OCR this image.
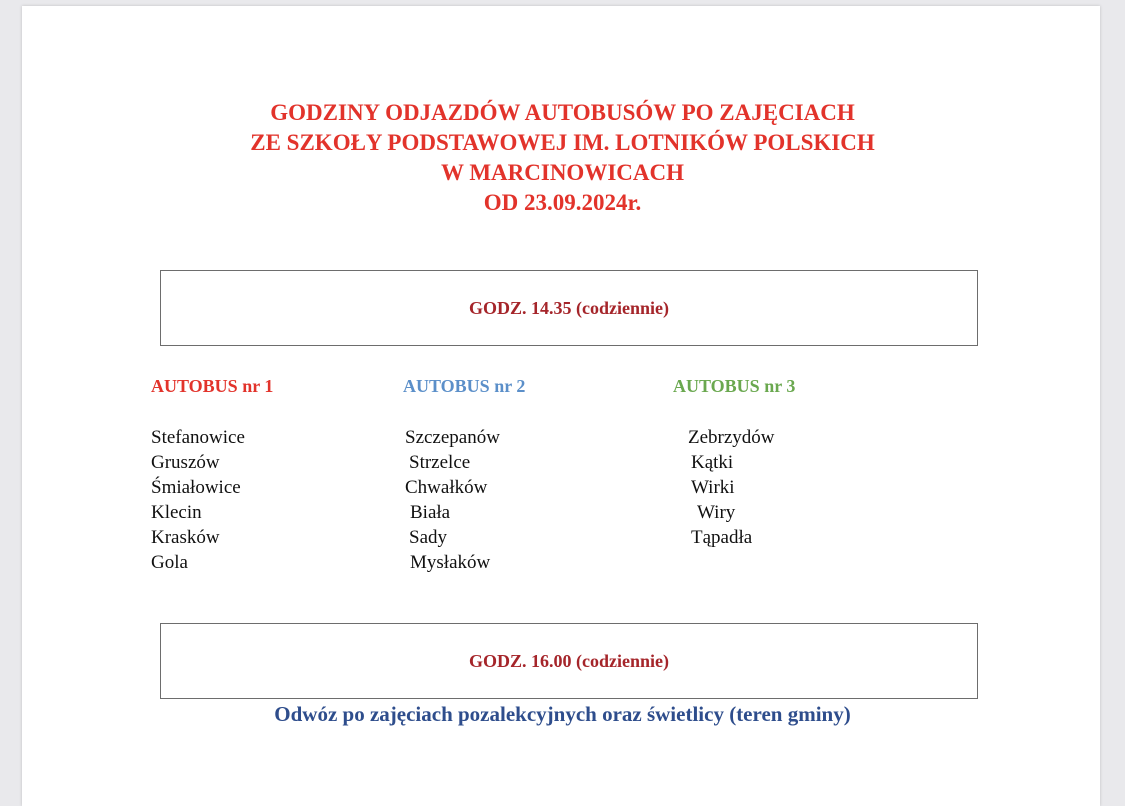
GODZINY ODJAZDÓW AUTOBUSÓW PO ZAJĘCIACH
ZE SZKOŁY PODSTAWOWEJ IM. LOTNIKÓW POLSKICH
W MARCINOWICACH
OD 23.09.2024r.
GODZ. 14.35 (codziennie)
AUTOBUS nr 1
Stefanowice
Gruszów
Śmiałowice
Klecin
Krasków
Gola
AUTOBUS nr 2
Szczepanów
Strzelce
Chwałków
Biała
Sady
Mysłaków
AUTOBUS nr 3
Zebrzydów
Kątki
Wirki
Wiry
Tąpadła
GODZ. 16.00 (codziennie)
Odwóz po zajęciach pozalekcyjnych oraz świetlicy (teren gminy)
